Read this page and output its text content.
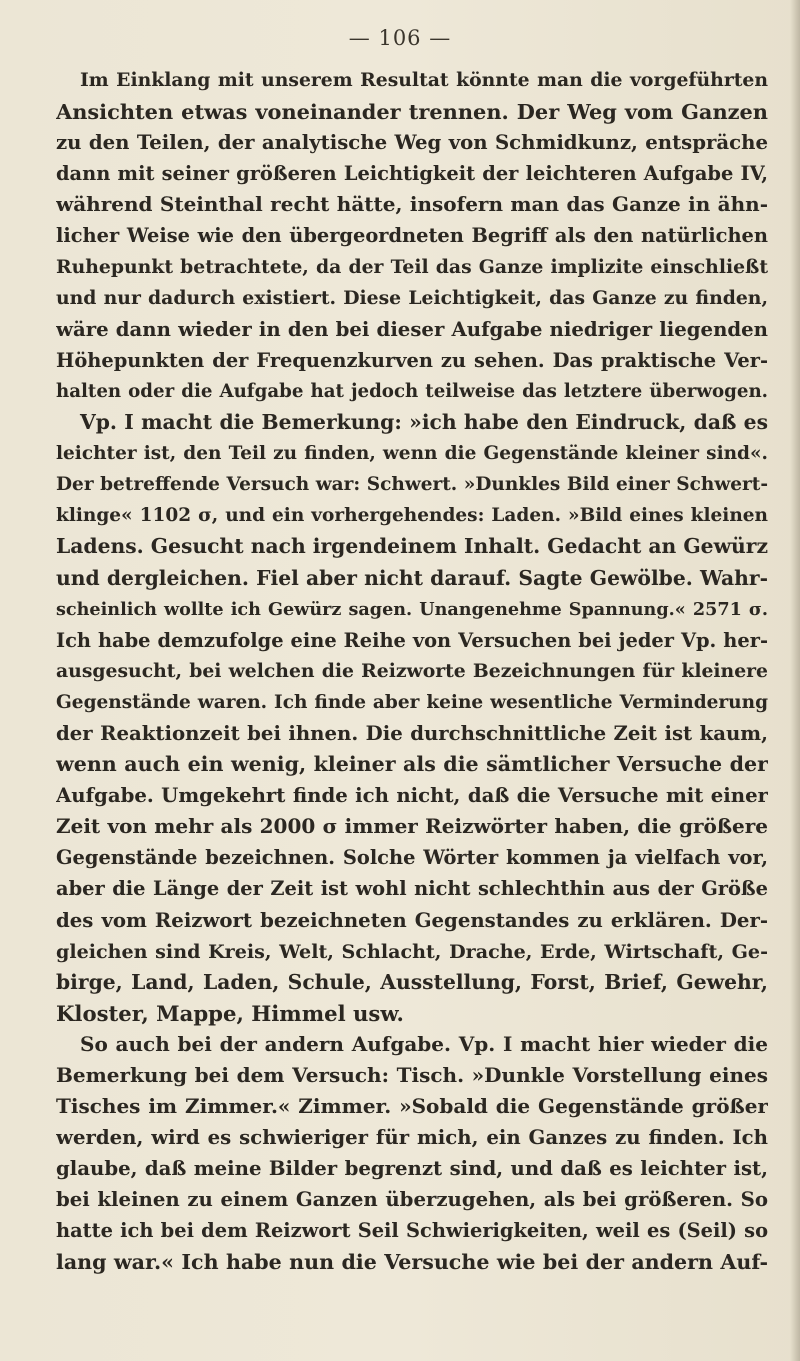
— 106 —
Im Einklang mit unserem Resultat könnte man die vorgeführten
Ansichten etwas voneinander trennen. Der Weg vom Ganzen
zu den Teilen, der analytische Weg von Schmidkunz, entspräche
dann mit seiner größeren Leichtigkeit der leichteren Aufgabe IV,
während Steinthal recht hätte, insofern man das Ganze in ähn-
licher Weise wie den übergeordneten Begriff als den natürlichen
Ruhepunkt betrachtete, da der Teil das Ganze implizite einschließt
und nur dadurch existiert. Diese Leichtigkeit, das Ganze zu finden,
wäre dann wieder in den bei dieser Aufgabe niedriger liegenden
Höhepunkten der Frequenzkurven zu sehen. Das praktische Ver-
halten oder die Aufgabe hat jedoch teilweise das letztere überwogen.
Vp. I macht die Bemerkung: »ich habe den Eindruck, daß es
leichter ist, den Teil zu finden, wenn die Gegenstände kleiner sind«.
Der betreffende Versuch war: Schwert. »Dunkles Bild einer Schwert-
klinge« 1102 σ, und ein vorhergehendes: Laden. »Bild eines kleinen
Ladens. Gesucht nach irgendeinem Inhalt. Gedacht an Gewürz
und dergleichen. Fiel aber nicht darauf. Sagte Gewölbe. Wahr-
scheinlich wollte ich Gewürz sagen. Unangenehme Spannung.« 2571 σ.
Ich habe demzufolge eine Reihe von Versuchen bei jeder Vp. her-
ausgesucht, bei welchen die Reizworte Bezeichnungen für kleinere
Gegenstände waren. Ich finde aber keine wesentliche Verminderung
der Reaktionzeit bei ihnen. Die durchschnittliche Zeit ist kaum,
wenn auch ein wenig, kleiner als die sämtlicher Versuche der
Aufgabe. Umgekehrt finde ich nicht, daß die Versuche mit einer
Zeit von mehr als 2000 σ immer Reizwörter haben, die größere
Gegenstände bezeichnen. Solche Wörter kommen ja vielfach vor,
aber die Länge der Zeit ist wohl nicht schlechthin aus der Größe
des vom Reizwort bezeichneten Gegenstandes zu erklären. Der-
gleichen sind Kreis, Welt, Schlacht, Drache, Erde, Wirtschaft, Ge-
birge, Land, Laden, Schule, Ausstellung, Forst, Brief, Gewehr,
Kloster, Mappe, Himmel usw.
So auch bei der andern Aufgabe. Vp. I macht hier wieder die
Bemerkung bei dem Versuch: Tisch. »Dunkle Vorstellung eines
Tisches im Zimmer.« Zimmer. »Sobald die Gegenstände größer
werden, wird es schwieriger für mich, ein Ganzes zu finden. Ich
glaube, daß meine Bilder begrenzt sind, und daß es leichter ist,
bei kleinen zu einem Ganzen überzugehen, als bei größeren. So
hatte ich bei dem Reizwort Seil Schwierigkeiten, weil es (Seil) so
lang war.« Ich habe nun die Versuche wie bei der andern Auf-
